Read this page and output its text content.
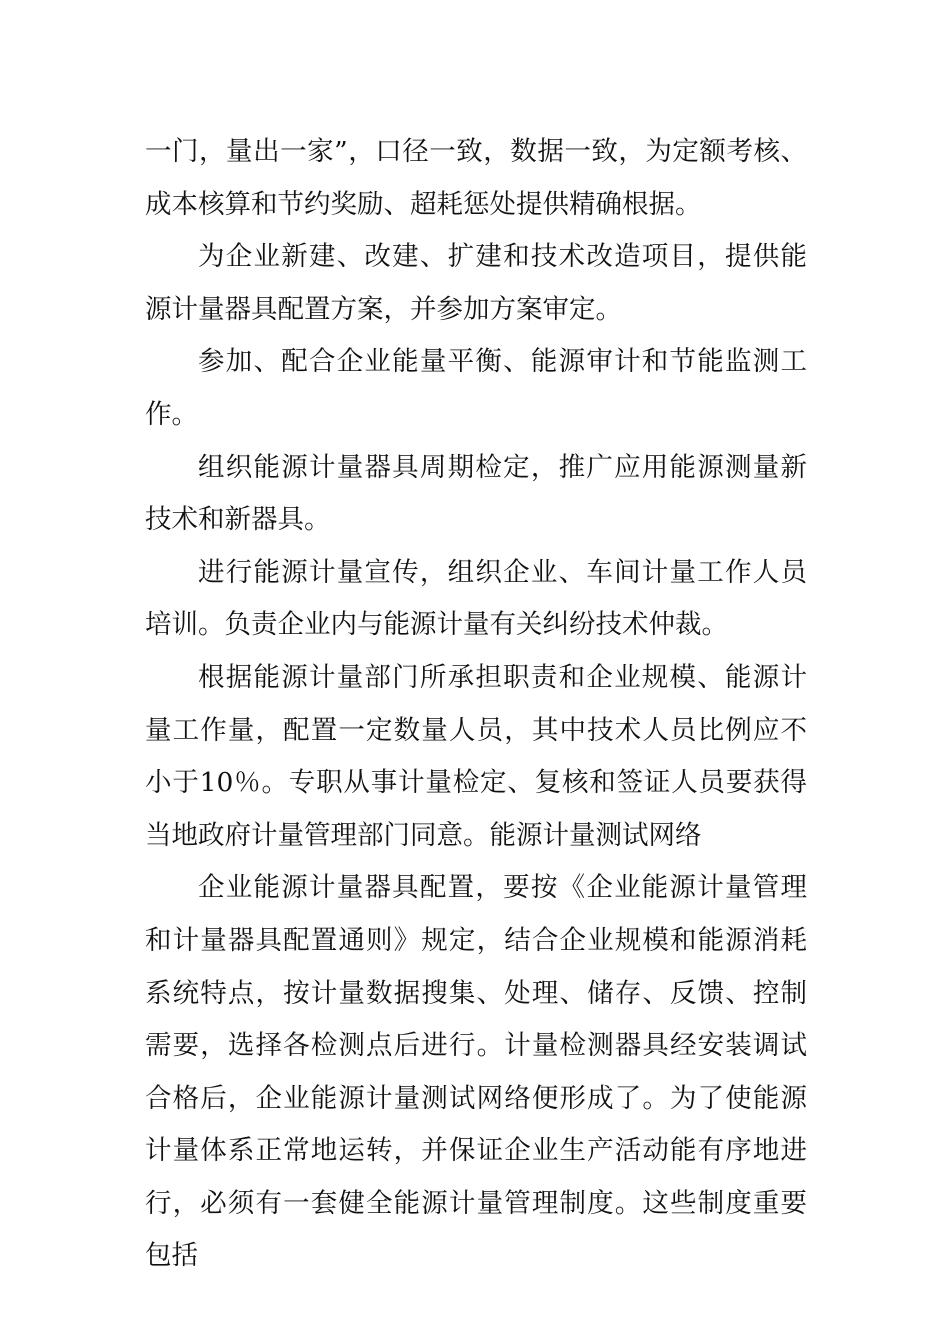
一门，量出一家”，口径一致，数据一致，为定额考核、成本核算和节约奖励、超耗惩处提供精确根据。

为企业新建、改建、扩建和技术改造项目，提供能源计量器具配置方案，并参加方案审定。

参加、配合企业能量平衡、能源审计和节能监测工作。

组织能源计量器具周期检定，推广应用能源测量新技术和新器具。

进行能源计量宣传，组织企业、车间计量工作人员培训。负责企业内与能源计量有关纠纷技术仲裁。

根据能源计量部门所承担职责和企业规模、能源计量工作量，配置一定数量人员，其中技术人员比例应不小于10％。专职从事计量检定、复核和签证人员要获得当地政府计量管理部门同意。能源计量测试网络

企业能源计量器具配置，要按《企业能源计量管理和计量器具配置通则》规定，结合企业规模和能源消耗系统特点，按计量数据搜集、处理、储存、反馈、控制需要，选择各检测点后进行。计量检测器具经安装调试合格后，企业能源计量测试网络便形成了。为了使能源计量体系正常地运转，并保证企业生产活动能有序地进行，必须有一套健全能源计量管理制度。这些制度重要包括
